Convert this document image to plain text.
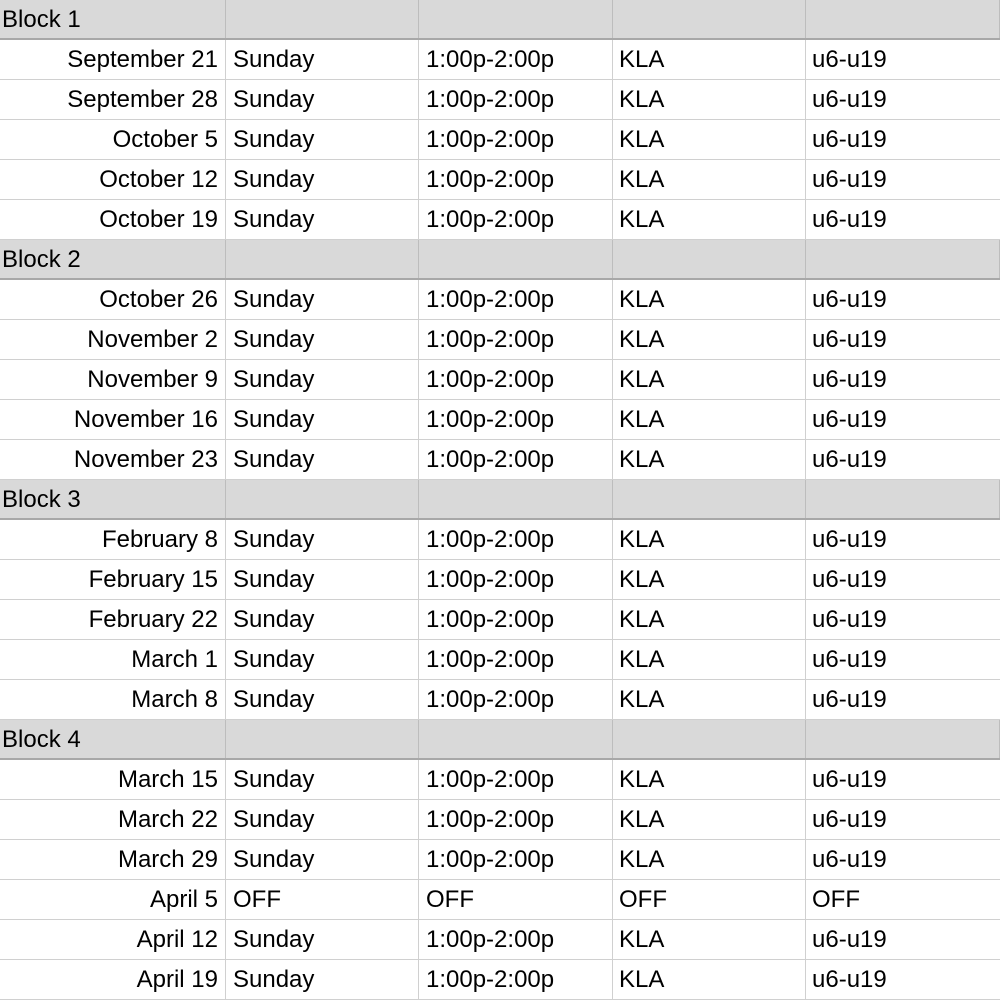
Block 1
September 21 Sunday	1:00p-2:00p	KLA	u6-u19
September 28 Sunday	1:00p-2:00p	KLA	u6-u19
October 5 Sunday	1:00p-2:00p	KLA	u6-u19
October 12 Sunday	1:00p-2:00p	KLA	u6-u19
October 19 Sunday	1:00p-2:00p	KLA	u6-u19
Block 2
October 26 Sunday	1:00p-2:00p	KLA	u6-u19
November 2 Sunday	1:00p-2:00p	KLA	u6-u19
November 9 Sunday	1:00p-2:00p	KLA	u6-u19
November 16 Sunday	1:00p-2:00p	KLA	u6-u19
November 23 Sunday	1:00p-2:00p	KLA	u6-u19
Block 3
February 8 Sunday	1:00p-2:00p	KLA	u6-u19
February 15 Sunday	1:00p-2:00p	KLA	u6-u19
February 22 Sunday	1:00p-2:00p	KLA	u6-u19
March 1 Sunday	1:00p-2:00p	KLA	u6-u19
March 8 Sunday	1:00p-2:00p	KLA	u6-u19
Block 4
March 15 Sunday	1:00p-2:00p	KLA	u6-u19
March 22 Sunday	1:00p-2:00p	KLA	u6-u19
March 29 Sunday	1:00p-2:00p	KLA	u6-u19
April 5 OFF	OFF	OFF	OFF
April 12 Sunday	1:00p-2:00p	KLA	u6-u19
April 19 Sunday	1:00p-2:00p	KLA	u6-u19
